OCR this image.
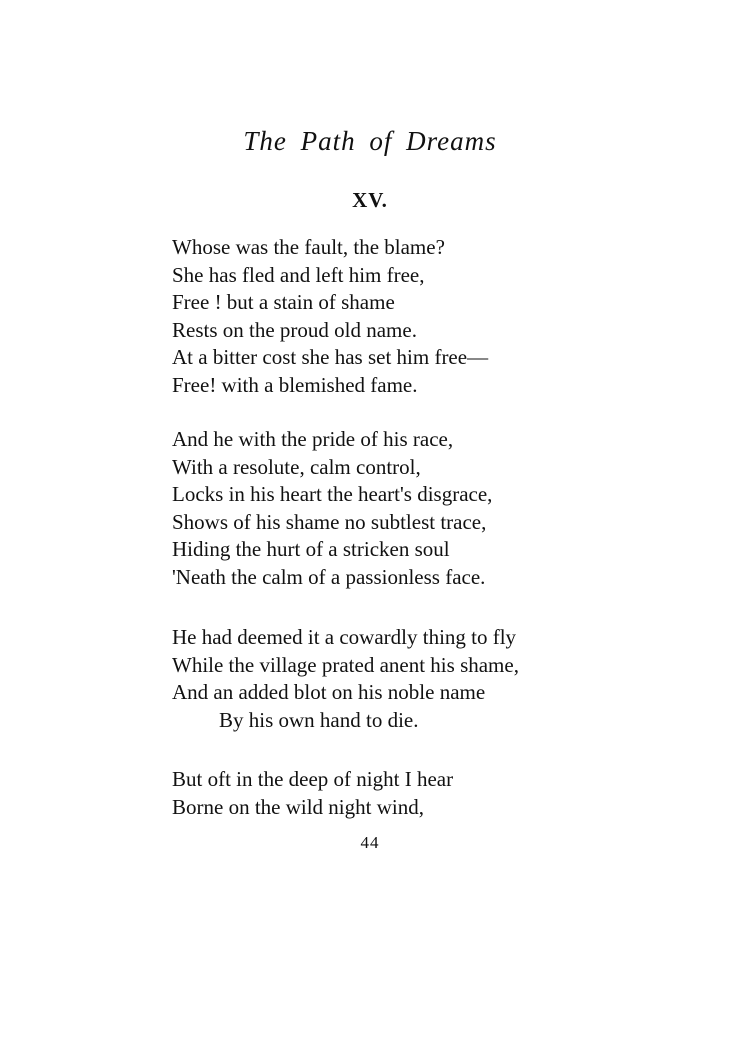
The Path of Dreams
XV.
Whose was the fault, the blame?
She has fled and left him free,
Free ! but a stain of shame
Rests on the proud old name.
At a bitter cost she has set him free—
Free! with a blemished fame.
And he with the pride of his race,
With a resolute, calm control,
Locks in his heart the heart's disgrace,
Shows of his shame no subtlest trace,
Hiding the hurt of a stricken soul
'Neath the calm of a passionless face.
He had deemed it a cowardly thing to fly
While the village prated anent his shame,
And an added blot on his noble name
By his own hand to die.
But oft in the deep of night I hear
Borne on the wild night wind,
44
